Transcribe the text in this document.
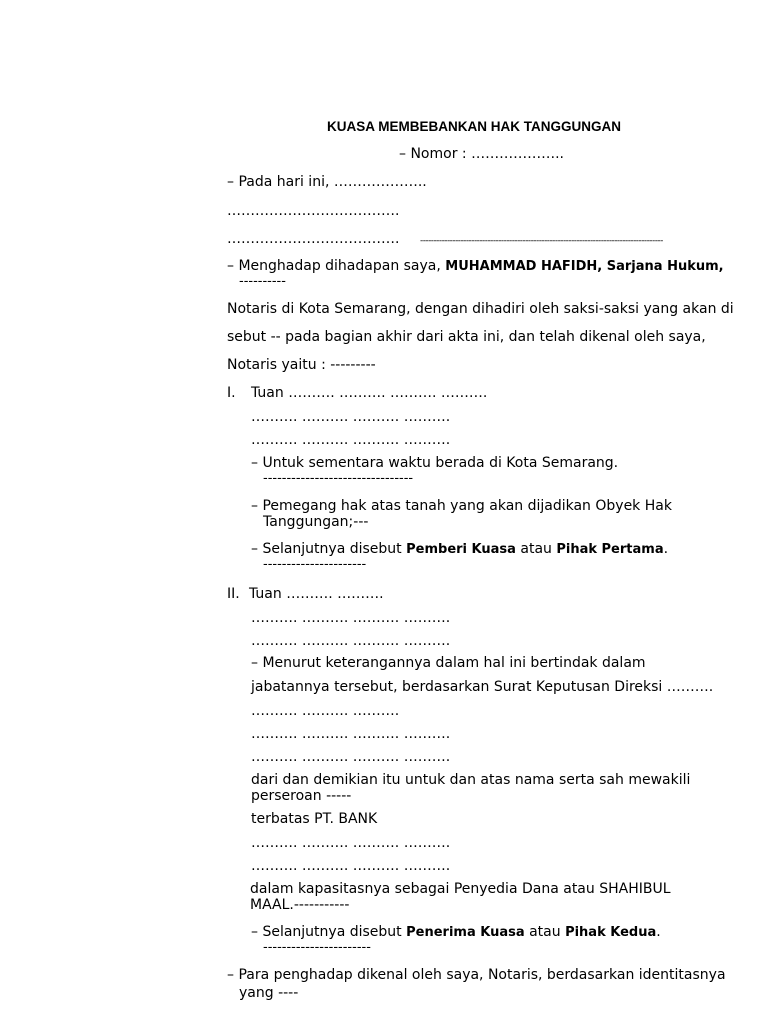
KUASA MEMBEBANKAN HAK TANGGUNGAN
– Nomor : ………………..
– Pada hari ini, ………………..
……………………………….
………………………………. ------------------------------------------------------------------------------------------
– Menghadap dihadapan saya, MUHAMMAD HAFIDH, Sarjana Hukum,
----------
Notaris di Kota Semarang, dengan dihadiri oleh saksi-saksi yang akan di
sebut -- pada bagian akhir dari akta ini, dan telah dikenal oleh saya,
Notaris yaitu : ---------
I. Tuan ………. ………. ………. ……….
………. ………. ………. ……….
………. ………. ………. ……….
– Untuk sementara waktu berada di Kota Semarang.
--------------------------------
– Pemegang hak atas tanah yang akan dijadikan Obyek Hak
Tanggungan;---
– Selanjutnya disebut Pemberi Kuasa atau Pihak Pertama.
----------------------
II. Tuan ………. ……….
………. ………. ………. ……….
………. ………. ………. ……….
– Menurut keterangannya dalam hal ini bertindak dalam
jabatannya tersebut, berdasarkan Surat Keputusan Direksi ……….
………. ………. ……….
………. ………. ………. ……….
………. ………. ………. ……….
dari dan demikian itu untuk dan atas nama serta sah mewakili
perseroan -----
terbatas PT. BANK
………. ………. ………. ……….
………. ………. ………. ……….
dalam kapasitasnya sebagai Penyedia Dana atau SHAHIBUL
MAAL.-----------
– Selanjutnya disebut Penerima Kuasa atau Pihak Kedua.
-----------------------
– Para penghadap dikenal oleh saya, Notaris, berdasarkan identitasnya
yang ----
